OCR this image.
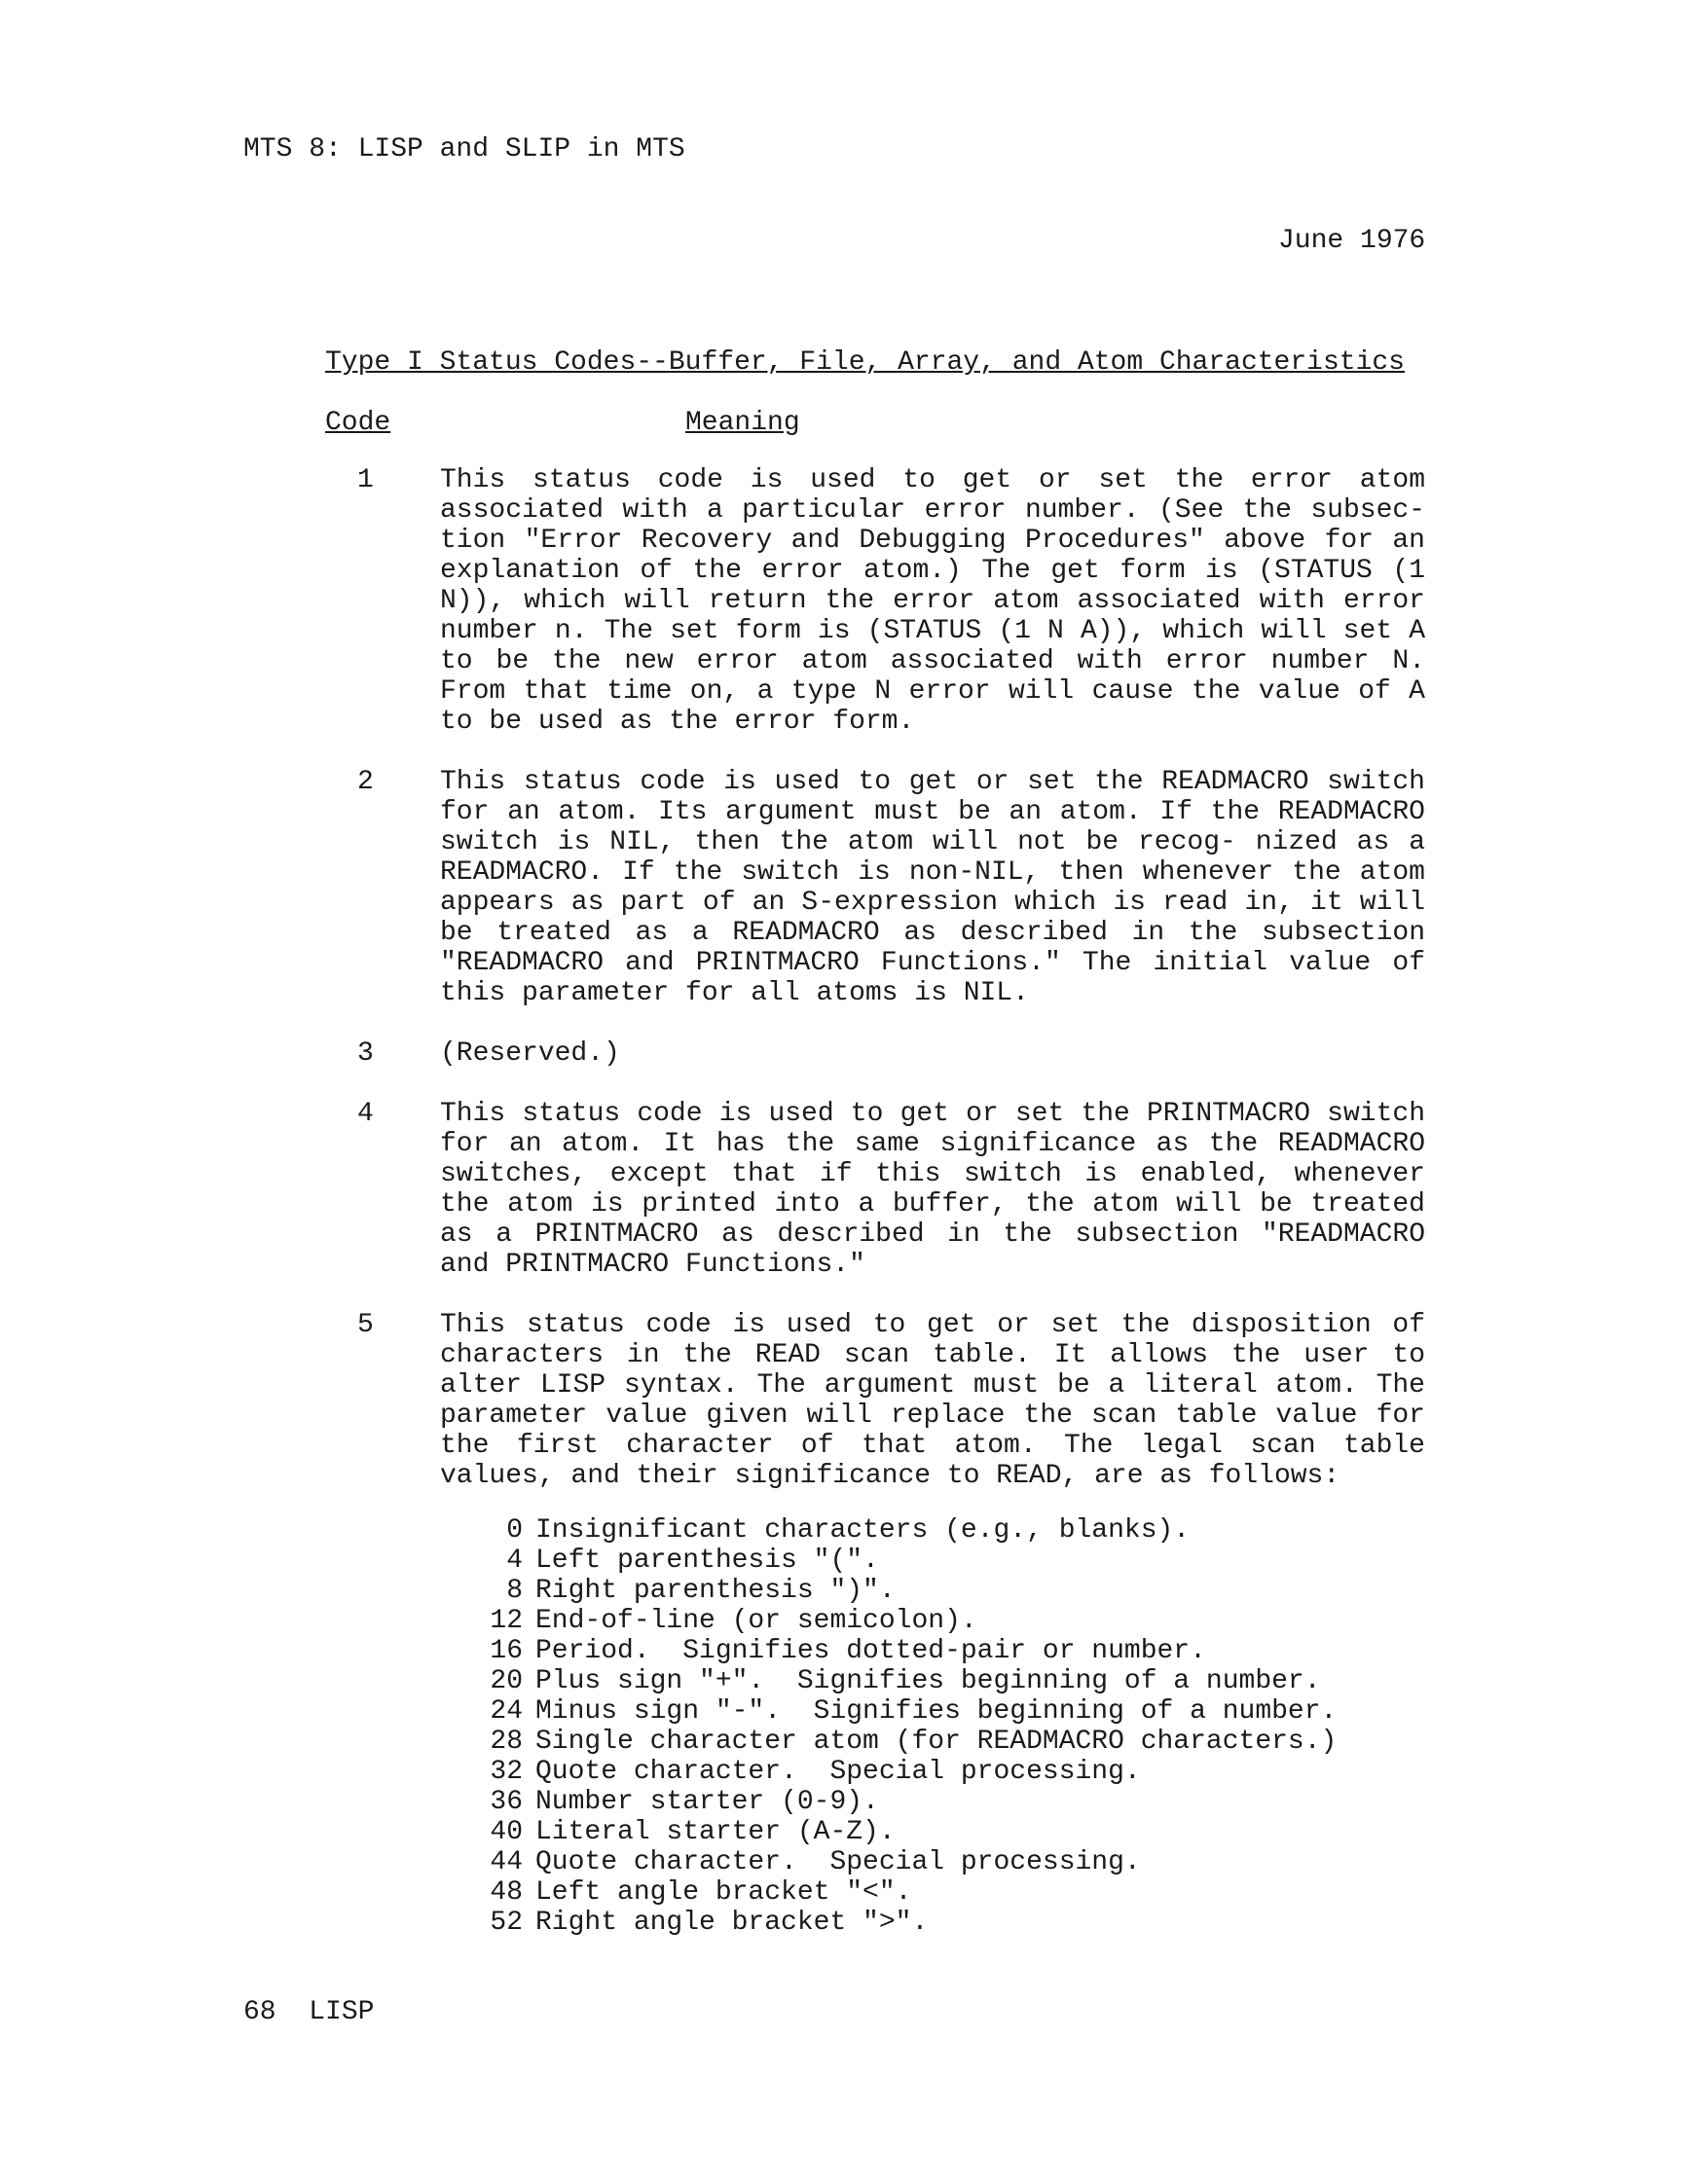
MTS 8: LISP and SLIP in MTS
June 1976
Type I Status Codes--Buffer, File, Array, and Atom Characteristics
Code	Meaning
1	This status code is used to get or set the error atom associated with a particular error number. (See the subsec- tion "Error Recovery and Debugging Procedures" above for an explanation of the error atom.) The get form is (STATUS (1 N)), which will return the error atom associated with error number n. The set form is (STATUS (1 N A)), which will set A to be the new error atom associated with error number N. From that time on, a type N error will cause the value of A to be used as the error form.
2	This status code is used to get or set the READMACRO switch for an atom. Its argument must be an atom. If the READMACRO switch is NIL, then the atom will not be recog- nized as a READMACRO. If the switch is non-NIL, then whenever the atom appears as part of an S-expression which is read in, it will be treated as a READMACRO as described in the subsection "READMACRO and PRINTMACRO Functions." The initial value of this parameter for all atoms is NIL.
3	(Reserved.)
4	This status code is used to get or set the PRINTMACRO switch for an atom. It has the same significance as the READMACRO switches, except that if this switch is enabled, whenever the atom is printed into a buffer, the atom will be treated as a PRINTMACRO as described in the subsection "READMACRO and PRINTMACRO Functions."
5	This status code is used to get or set the disposition of characters in the READ scan table. It allows the user to alter LISP syntax. The argument must be a literal atom. The parameter value given will replace the scan table value for the first character of that atom. The legal scan table values, and their significance to READ, are as follows:
0 Insignificant characters (e.g., blanks).
4 Left parenthesis "(".
8 Right parenthesis ")".
12 End-of-line (or semicolon).
16 Period.  Signifies dotted-pair or number.
20 Plus sign "+".  Signifies beginning of a number.
24 Minus sign "-".  Signifies beginning of a number.
28 Single character atom (for READMACRO characters.)
32 Quote character.  Special processing.
36 Number starter (0-9).
40 Literal starter (A-Z).
44 Quote character.  Special processing.
48 Left angle bracket "<".
52 Right angle bracket ">".
68  LISP
